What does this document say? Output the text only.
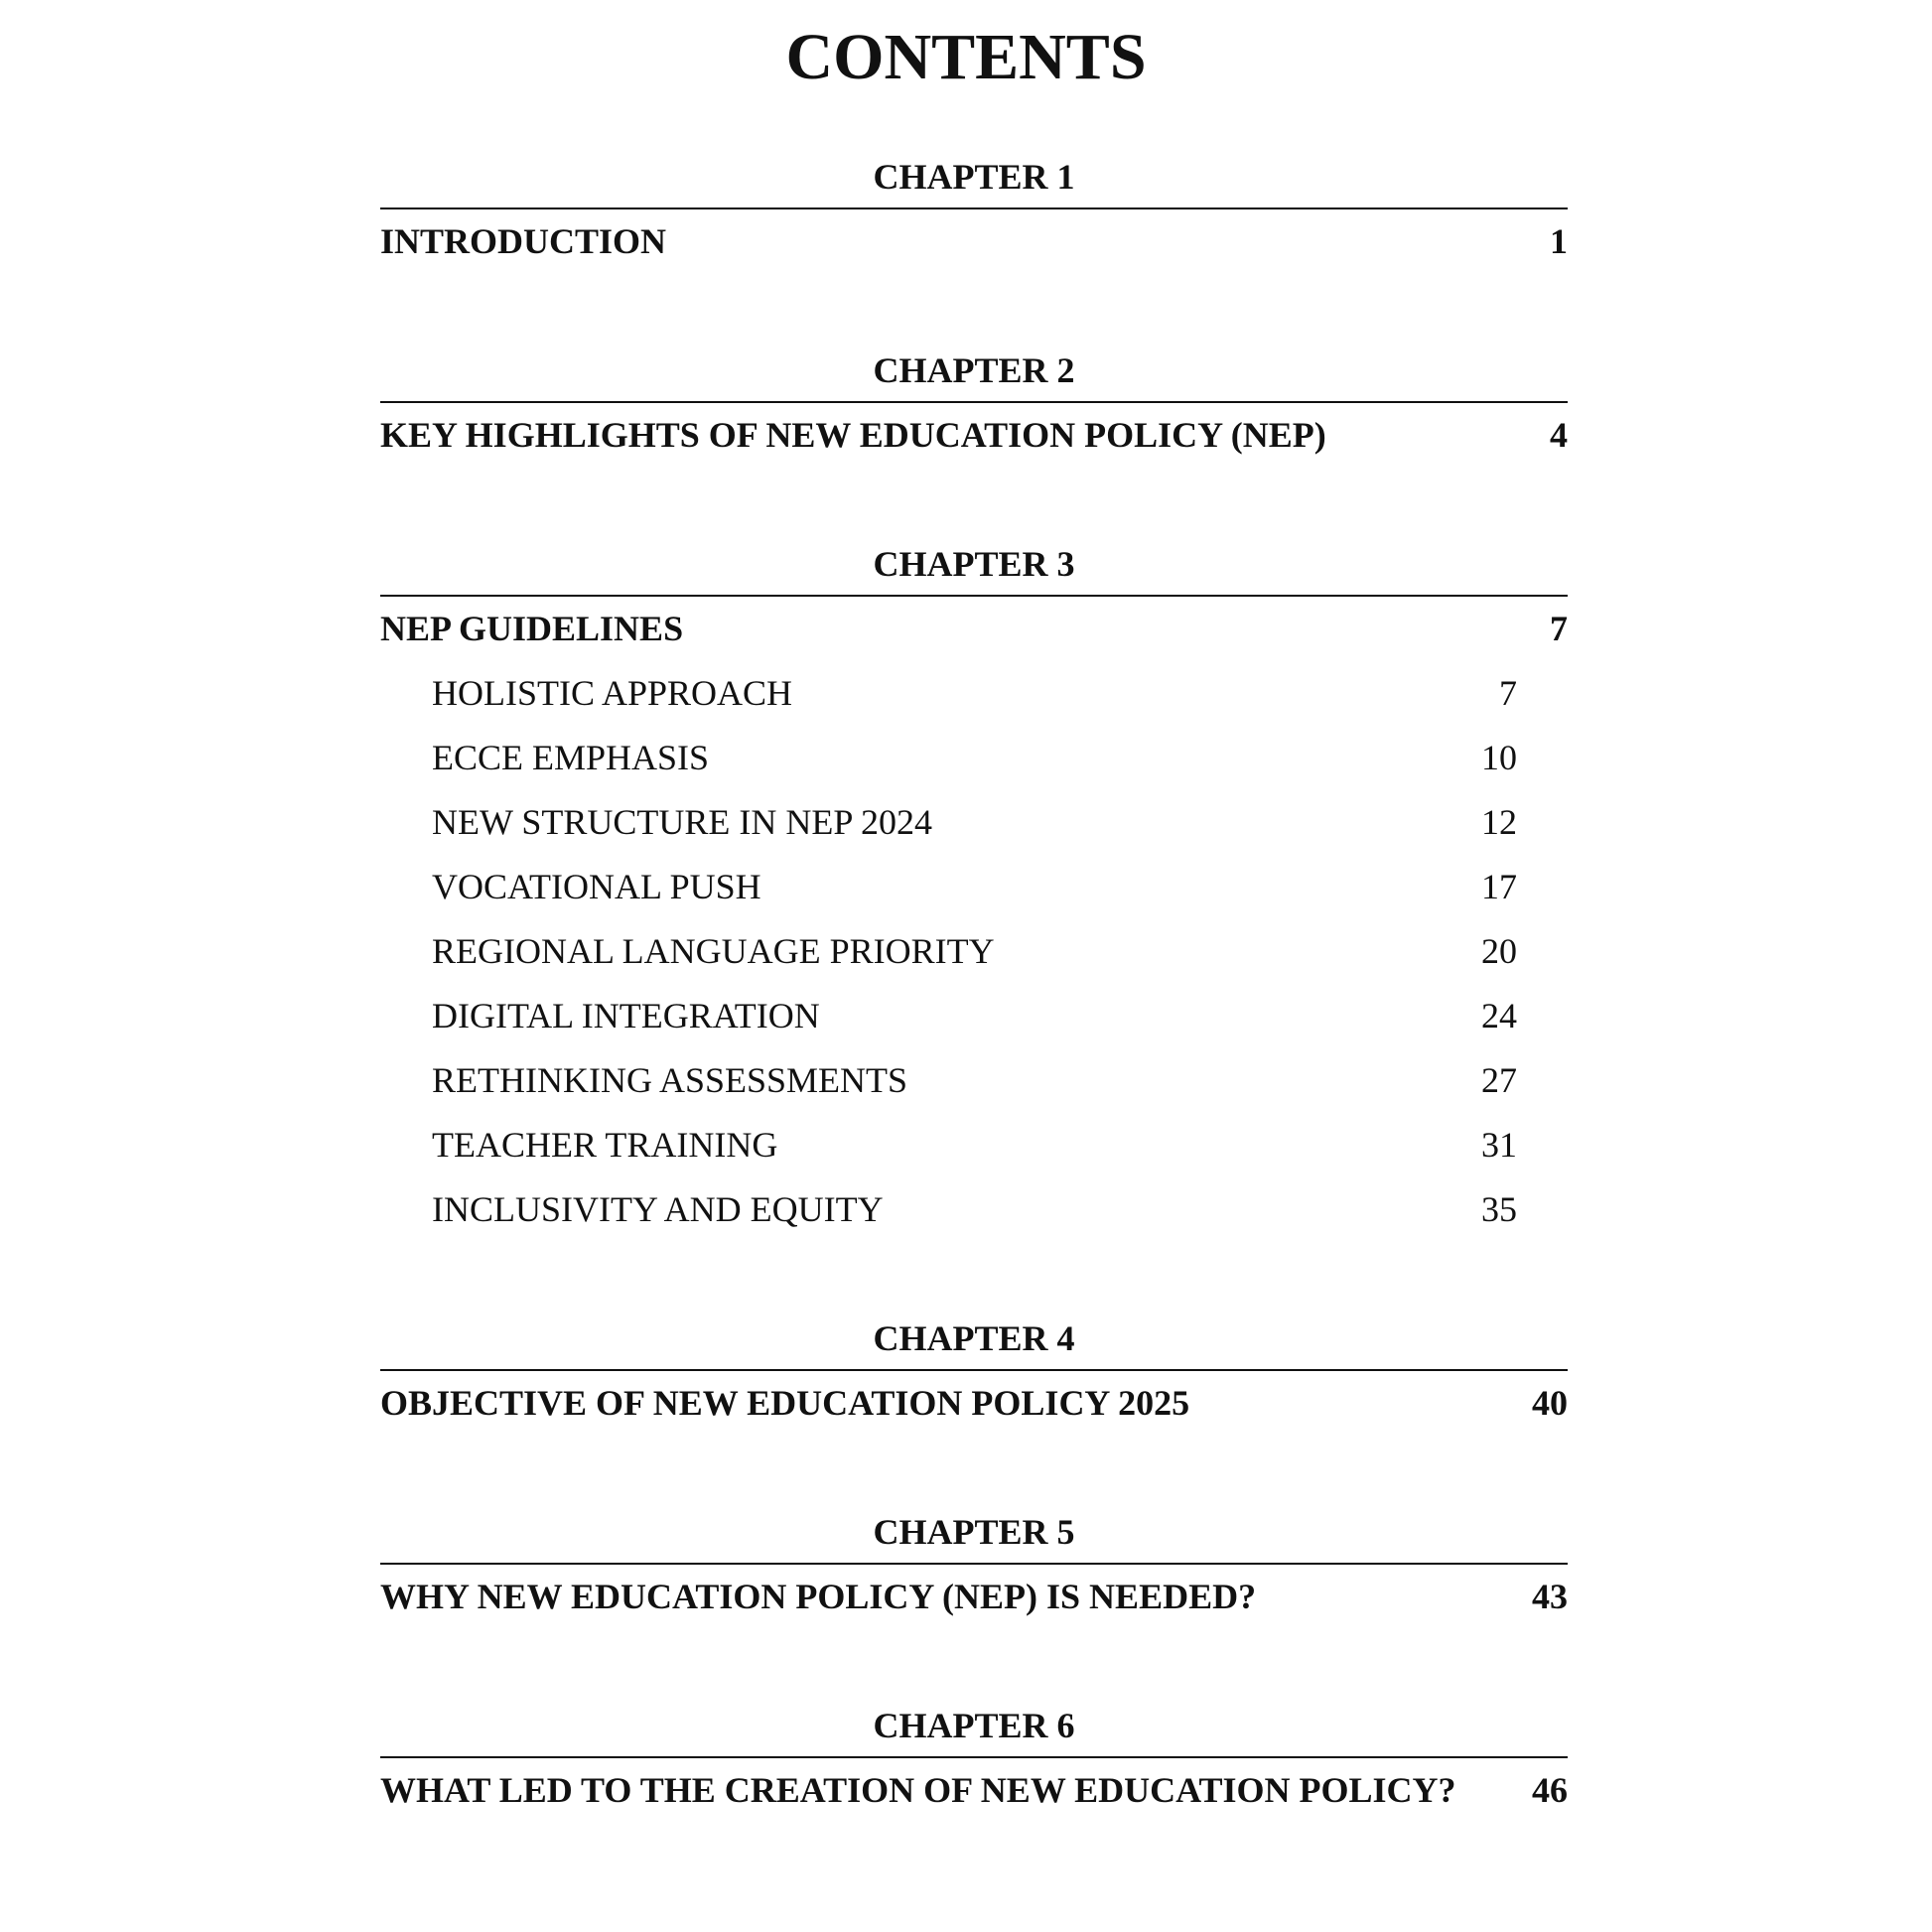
CONTENTS
CHAPTER 1
INTRODUCTION	1
CHAPTER 2
KEY HIGHLIGHTS OF NEW EDUCATION POLICY (NEP)	4
CHAPTER 3
NEP GUIDELINES	7
HOLISTIC APPROACH	7
ECCE EMPHASIS	10
NEW STRUCTURE IN NEP 2024	12
VOCATIONAL PUSH	17
REGIONAL LANGUAGE PRIORITY	20
DIGITAL INTEGRATION	24
RETHINKING ASSESSMENTS	27
TEACHER TRAINING	31
INCLUSIVITY AND EQUITY	35
CHAPTER 4
OBJECTIVE OF NEW EDUCATION POLICY 2025	40
CHAPTER 5
WHY NEW EDUCATION POLICY (NEP) IS NEEDED?	43
CHAPTER 6
WHAT LED TO THE CREATION OF NEW EDUCATION POLICY? 46
